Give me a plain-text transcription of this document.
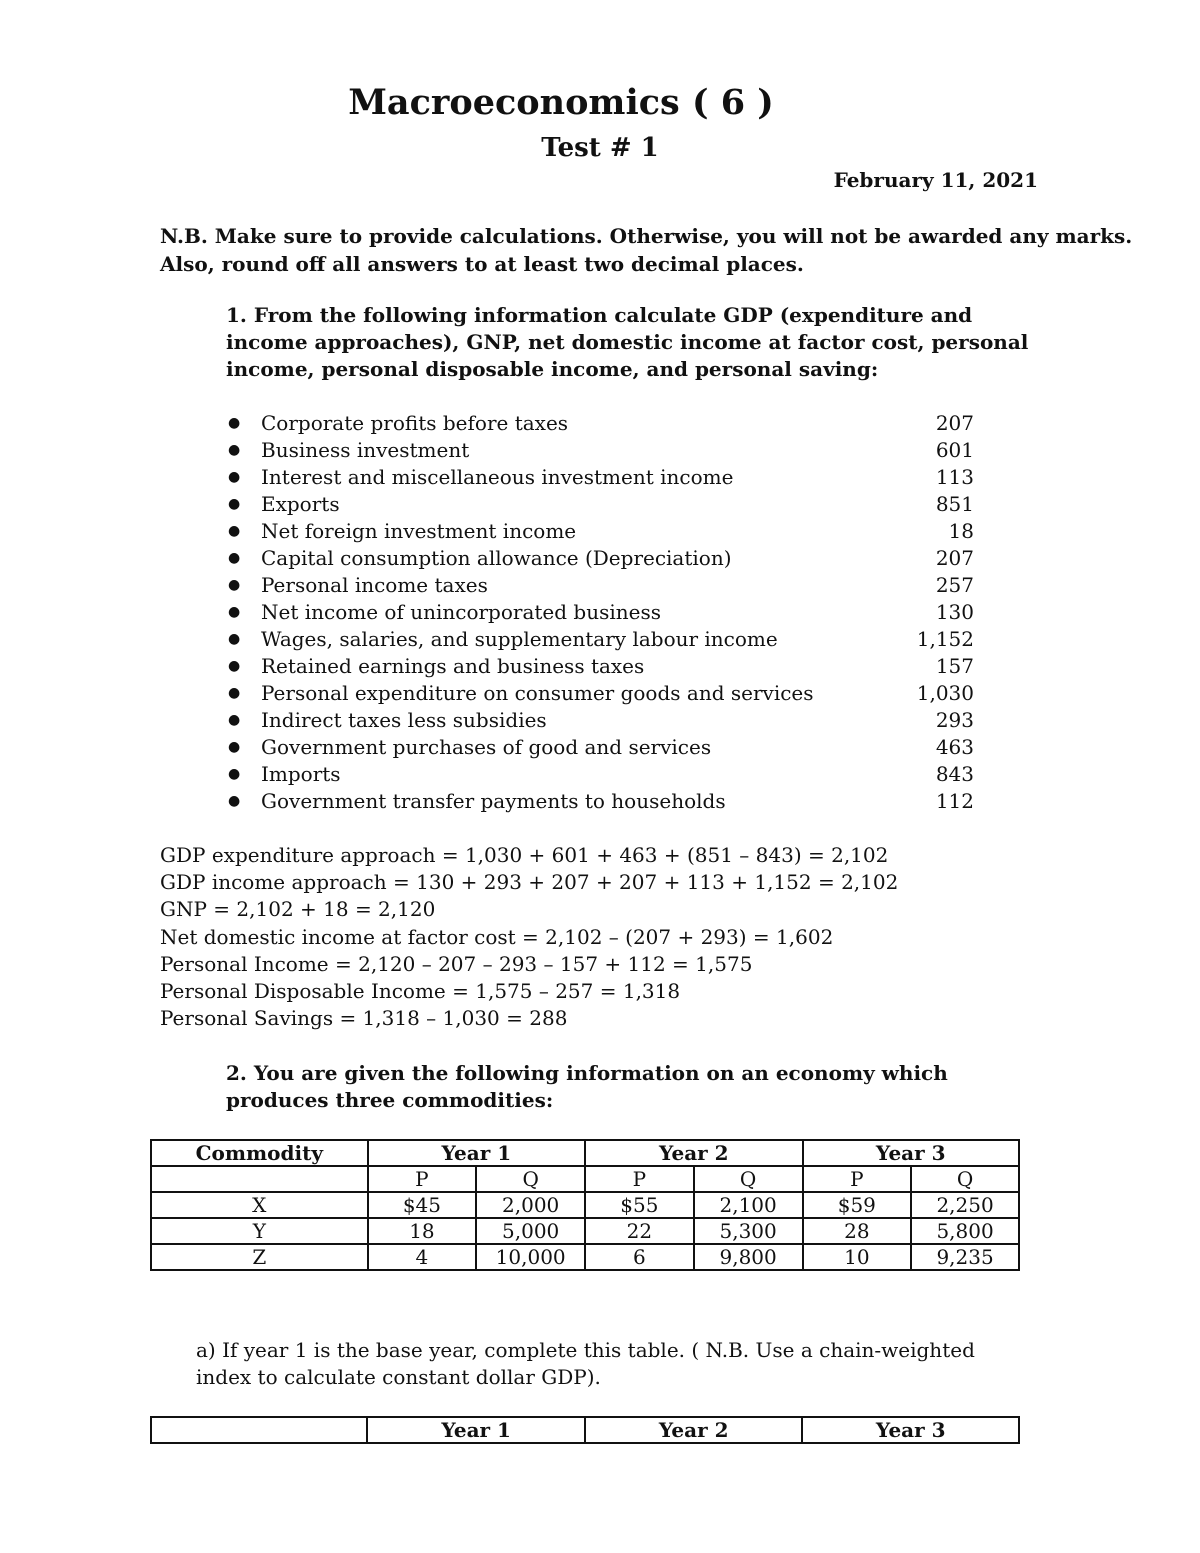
Macroeconomics ( 6 )
Test # 1
February 11, 2021
N.B. Make sure to provide calculations. Otherwise, you will not be awarded any marks.
Also, round off all answers to at least two decimal places.
1. From the following information calculate GDP (expenditure and income approaches), GNP, net domestic income at factor cost, personal income, personal disposable income, and personal saving:
●	Corporate profits before taxes	207
●	Business investment	601
●	Interest and miscellaneous investment income	113
●	Exports	851
●	Net foreign investment income	18
●	Capital consumption allowance (Depreciation)	207
●	Personal income taxes	257
●	Net income of unincorporated business	130
●	Wages, salaries, and supplementary labour income	1,152
●	Retained earnings and business taxes	157
●	Personal expenditure on consumer goods and services	1,030
●	Indirect taxes less subsidies	293
●	Government purchases of good and services	463
●	Imports	843
●	Government transfer payments to households	112
GDP expenditure approach = 1,030 + 601 + 463 + (851 – 843) = 2,102
GDP income approach = 130 + 293 + 207 + 207 + 113 + 1,152 = 2,102
GNP = 2,102 + 18 = 2,120
Net domestic income at factor cost = 2,102 – (207 + 293) = 1,602
Personal Income = 2,120 – 207 – 293 – 157 + 112 = 1,575
Personal Disposable Income = 1,575 – 257 = 1,318
Personal Savings = 1,318 – 1,030 = 288
2. You are given the following information on an economy which produces three commodities:
Commodity	Year 1		Year 2		Year 3	
	P	Q	P	Q	P	Q
X	$45	2,000	$55	2,100	$59	2,250
Y	18	5,000	22	5,300	28	5,800
Z	4	10,000	6	9,800	10	9,235
a) If year 1 is the base year, complete this table. ( N.B. Use a chain-weighted index to calculate constant dollar GDP).
	Year 1	Year 2	Year 3
